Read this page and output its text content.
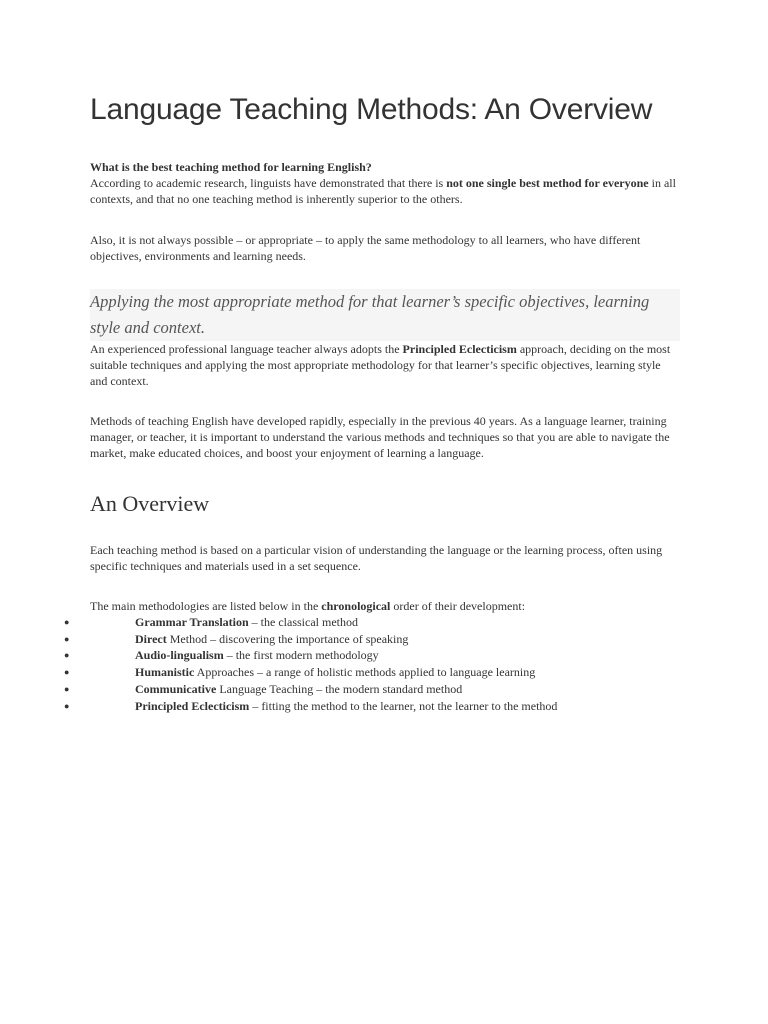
Language Teaching Methods: An Overview

What is the best teaching method for learning English?

According to academic research, linguists have demonstrated that there is not one single best method for everyone in all contexts, and that no one teaching method is inherently superior to the others.

Also, it is not always possible – or appropriate – to apply the same methodology to all learners, who have different objectives, environments and learning needs.

Applying the most appropriate method for that learner’s specific objectives, learning style and context.

An experienced professional language teacher always adopts the Principled Eclecticism approach, deciding on the most suitable techniques and applying the most appropriate methodology for that learner’s specific objectives, learning style and context.

Methods of teaching English have developed rapidly, especially in the previous 40 years. As a language learner, training manager, or teacher, it is important to understand the various methods and techniques so that you are able to navigate the market, make educated choices, and boost your enjoyment of learning a language.

An Overview

Each teaching method is based on a particular vision of understanding the language or the learning process, often using specific techniques and materials used in a set sequence.

The main methodologies are listed below in the chronological order of their development:

●	Grammar Translation – the classical method
●	Direct Method – discovering the importance of speaking
●	Audio-lingualism – the first modern methodology
●	Humanistic Approaches – a range of holistic methods applied to language learning
●	Communicative Language Teaching – the modern standard method
●	Principled Eclecticism – fitting the method to the learner, not the learner to the method
